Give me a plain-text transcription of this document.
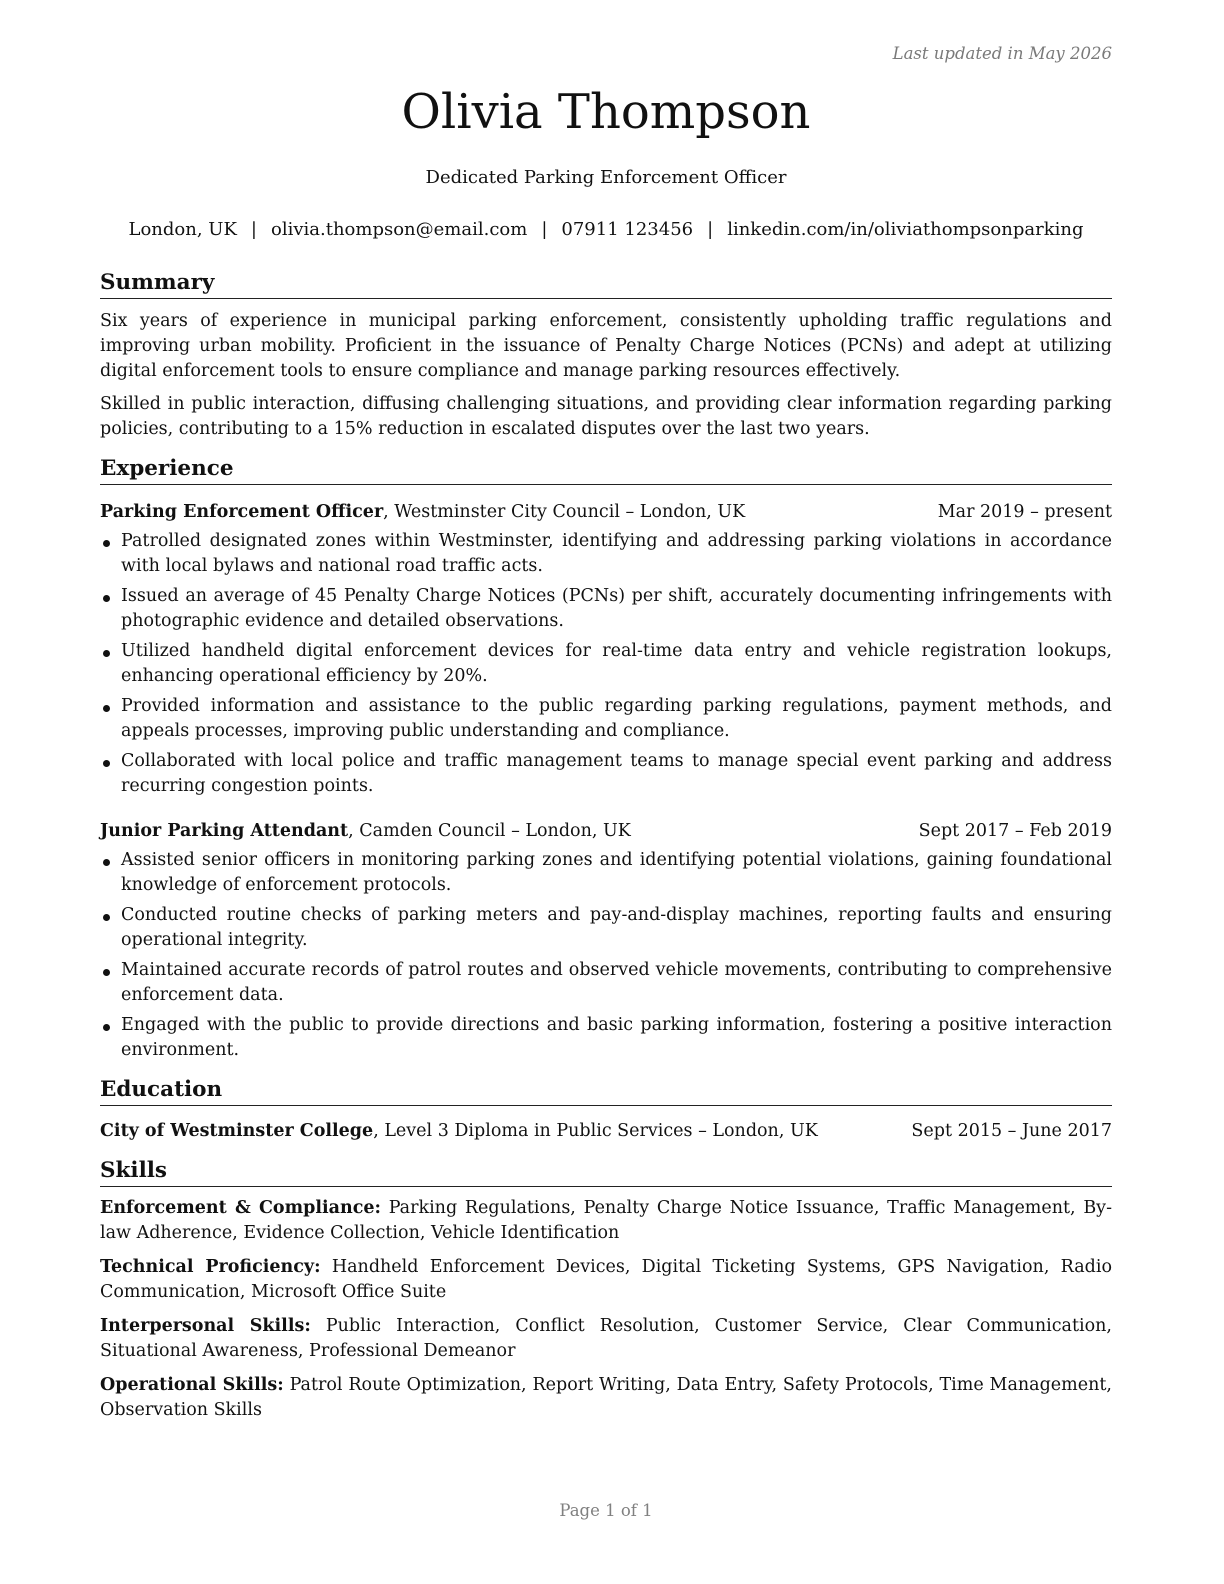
Last updated in May 2026
Olivia Thompson
Dedicated Parking Enforcement Officer
London, UK | olivia.thompson@email.com | 07911 123456 | linkedin.com/in/oliviathompsonparking
Summary

Six years of experience in municipal parking enforcement, consistently upholding traffic regulations and improving urban mobility. Proficient in the issuance of Penalty Charge Notices (PCNs) and adept at utilizing digital enforcement tools to ensure compliance and manage parking resources effectively.

Skilled in public interaction, diffusing challenging situations, and providing clear information regarding parking policies, contributing to a 15% reduction in escalated disputes over the last two years.

Experience
Parking Enforcement Officer, Westminster City Council – London, UK	Mar 2019 – present
Patrolled designated zones within Westminster, identifying and addressing parking violations in accordance with local bylaws and national road traffic acts.
Issued an average of 45 Penalty Charge Notices (PCNs) per shift, accurately documenting infringements with photographic evidence and detailed observations.
Utilized handheld digital enforcement devices for real-time data entry and vehicle registration lookups, enhancing operational efficiency by 20%.
Provided information and assistance to the public regarding parking regulations, payment methods, and appeals processes, improving public understanding and compliance.
Collaborated with local police and traffic management teams to manage special event parking and address recurring congestion points.
Junior Parking Attendant, Camden Council – London, UK	Sept 2017 – Feb 2019
Assisted senior officers in monitoring parking zones and identifying potential violations, gaining foundational knowledge of enforcement protocols.
Conducted routine checks of parking meters and pay-and-display machines, reporting faults and ensuring operational integrity.
Maintained accurate records of patrol routes and observed vehicle movements, contributing to comprehensive enforcement data.
Engaged with the public to provide directions and basic parking information, fostering a positive interaction environment.
Education
City of Westminster College, Level 3 Diploma in Public Services – London, UK	Sept 2015 – June 2017
Skills
Enforcement & Compliance: Parking Regulations, Penalty Charge Notice Issuance, Traffic Management, By-law Adherence, Evidence Collection, Vehicle Identification
Technical Proficiency: Handheld Enforcement Devices, Digital Ticketing Systems, GPS Navigation, Radio Communication, Microsoft Office Suite
Interpersonal Skills: Public Interaction, Conflict Resolution, Customer Service, Clear Communication, Situational Awareness, Professional Demeanor
Operational Skills: Patrol Route Optimization, Report Writing, Data Entry, Safety Protocols, Time Management, Observation Skills
Page 1 of 1
